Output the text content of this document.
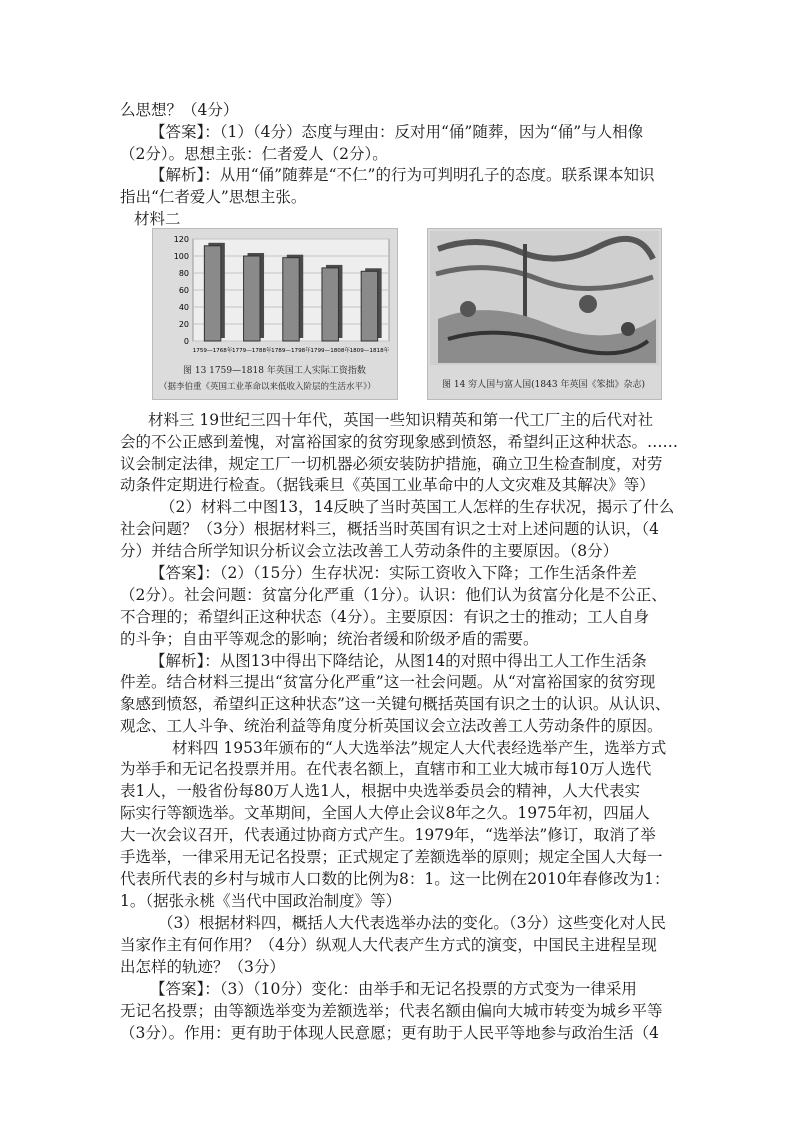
么思想？（4分）
【答案】：（1）（4分）态度与理由：反对用“俑”随葬，因为“俑”与人相像
（2分）。思想主张：仁者爱人（2分）。
【解析】：从用“俑”随葬是“不仁”的行为可判明孔子的态度。联系课本知识
指出“仁者爱人”思想主张。
材料二
材料三 19世纪三四十年代，英国一些知识精英和第一代工厂主的后代对社
会的不公正感到羞愧，对富裕国家的贫穷现象感到愤怒，希望纠正这种状态。……
议会制定法律，规定工厂一切机器必须安装防护措施，确立卫生检查制度，对劳
动条件定期进行检查。（据钱乘旦《英国工业革命中的人文灾难及其解决》等）
（2）材料二中图13，14反映了当时英国工人怎样的生存状况，揭示了什么
社会问题？（3分）根据材料三，概括当时英国有识之士对上述问题的认识，（4
分）并结合所学知识分析议会立法改善工人劳动条件的主要原因。（8分）
【答案】：（2）（15分）生存状况：实际工资收入下降；工作生活条件差
（2分）。社会问题：贫富分化严重（1分）。认识：他们认为贫富分化是不公正、
不合理的；希望纠正这种状态（4分）。主要原因：有识之士的推动；工人自身
的斗争；自由平等观念的影响；统治者缓和阶级矛盾的需要。
【解析】：从图13中得出下降结论，从图14的对照中得出工人工作生活条
件差。结合材料三提出“贫富分化严重”这一社会问题。从“对富裕国家的贫穷现
象感到愤怒，希望纠正这种状态”这一关键句概括英国有识之士的认识。从认识、
观念、工人斗争、统治利益等角度分析英国议会立法改善工人劳动条件的原因。
材料四 1953年颁布的“人大选举法”规定人大代表经选举产生，选举方式
为举手和无记名投票并用。在代表名额上，直辖市和工业大城市每10万人选代
表1人，一般省份每80万人选1人，根据中央选举委员会的精神，人大代表实
际实行等额选举。文革期间，全国人大停止会议8年之久。1975年初，四届人
大一次会议召开，代表通过协商方式产生。1979年，“选举法”修订，取消了举
手选举，一律采用无记名投票；正式规定了差额选举的原则；规定全国人大每一
代表所代表的乡村与城市人口数的比例为8：1。这一比例在2010年春修改为1：
1。（据张永桃《当代中国政治制度》等）
（3）根据材料四，概括人大代表选举办法的变化。（3分）这些变化对人民
当家作主有何作用？（4分）纵观人大代表产生方式的演变，中国民主进程呈现
出怎样的轨迹？（3分）
【答案】：（3）（10分）变化：由举手和无记名投票的方式变为一律采用
无记名投票；由等额选举变为差额选举；代表名额由偏向大城市转变为城乡平等
（3分）。作用：更有助于体现人民意愿；更有助于人民平等地参与政治生活（4
120
100
80
60
40
20
0
1759—1768年 1779—1788年 1789—1798年 1799—1808年 1809—1818年
图 13 1759—1818 年英国工人实际工资指数
（据李伯重《英国工业革命以来低收入阶层的生活水平》）	图 14 穷人国与富人国(1843 年英国《笨拙》杂志)
